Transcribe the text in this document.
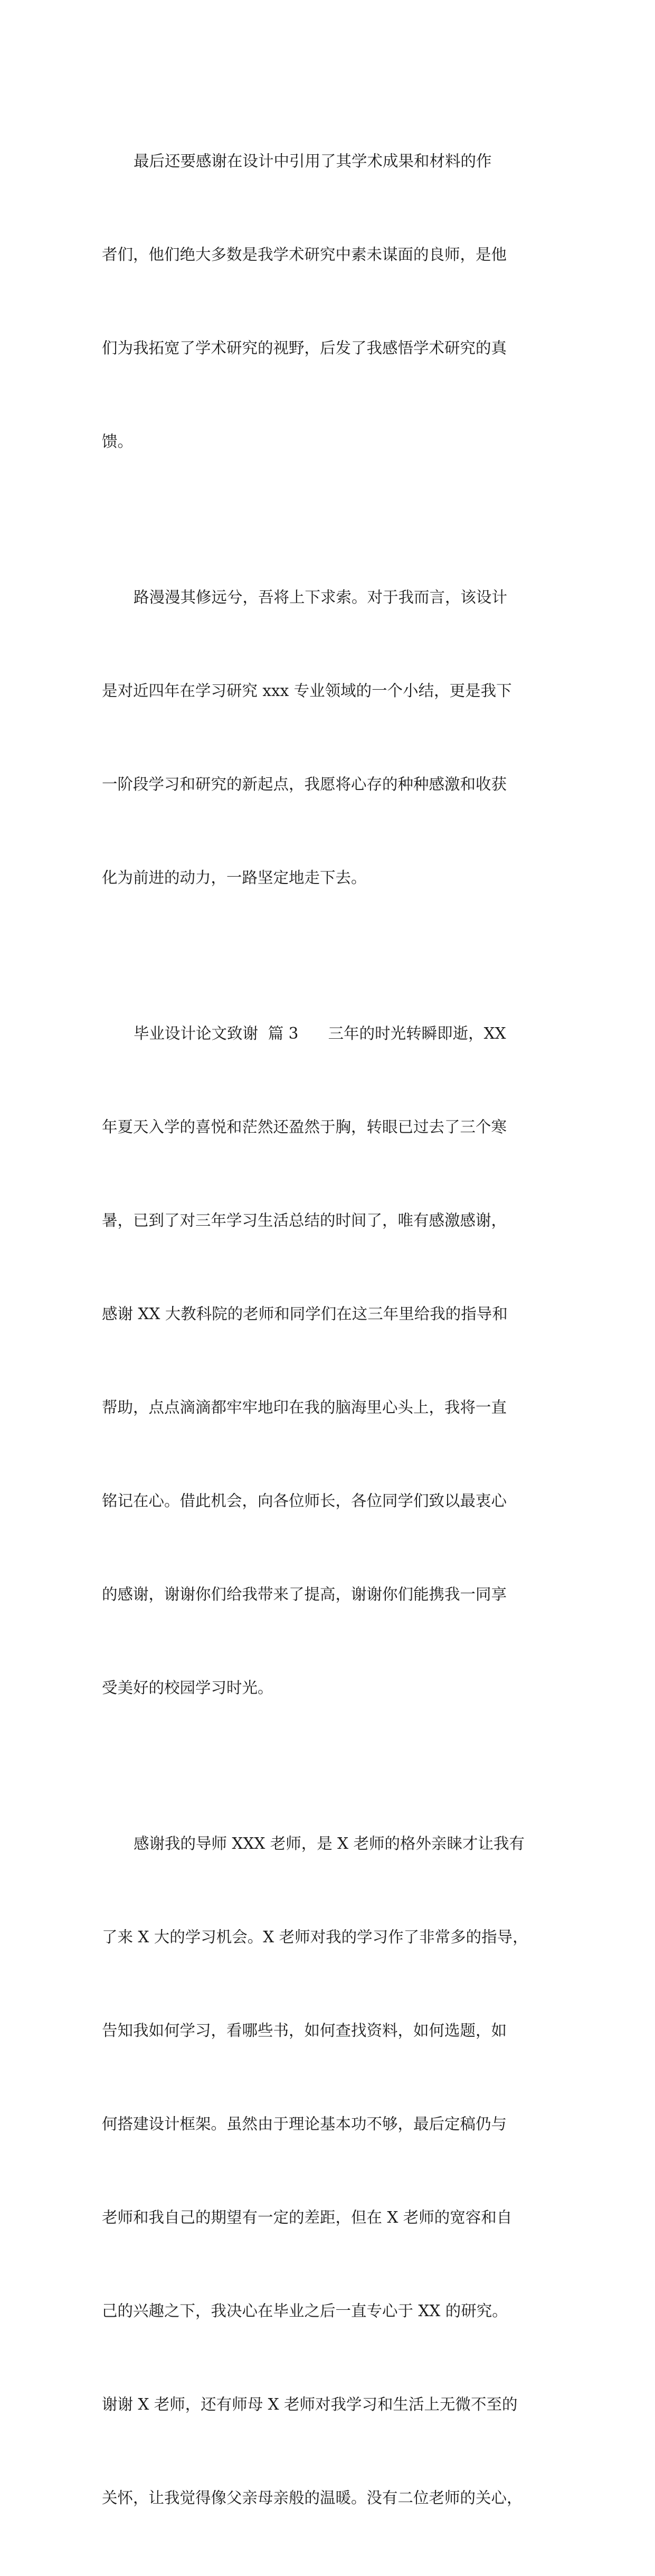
最后还要感谢在设计中引用了其学术成果和材料的作

者们，他们绝大多数是我学术研究中素未谋面的良师，是他

们为我拓宽了学术研究的视野，后发了我感悟学术研究的真

馈。

路漫漫其修远兮，吾将上下求索。对于我而言，该设计

是对近四年在学习研究 xxx 专业领域的一个小结，更是我下

一阶段学习和研究的新起点，我愿将心存的种种感激和收获

化为前进的动力，一路坚定地走下去。

毕业设计论文致谢  篇 3      三年的时光转瞬即逝，XX

年夏天入学的喜悦和茫然还盈然于胸，转眼已过去了三个寒

暑，已到了对三年学习生活总结的时间了，唯有感激感谢，

感谢 XX 大教科院的老师和同学们在这三年里给我的指导和

帮助，点点滴滴都牢牢地印在我的脑海里心头上，我将一直

铭记在心。借此机会，向各位师长，各位同学们致以最衷心

的感谢，谢谢你们给我带来了提高，谢谢你们能携我一同享

受美好的校园学习时光。

感谢我的导师 XXX 老师，是 X 老师的格外亲睐才让我有

了来 X 大的学习机会。X 老师对我的学习作了非常多的指导，

告知我如何学习，看哪些书，如何查找资料，如何选题，如

何搭建设计框架。虽然由于理论基本功不够，最后定稿仍与

老师和我自己的期望有一定的差距，但在 X 老师的宽容和自

己的兴趣之下，我决心在毕业之后一直专心于 XX 的研究。

谢谢 X 老师，还有师母 X 老师对我学习和生活上无微不至的

关怀，让我觉得像父亲母亲般的温暖。没有二位老师的关心，
